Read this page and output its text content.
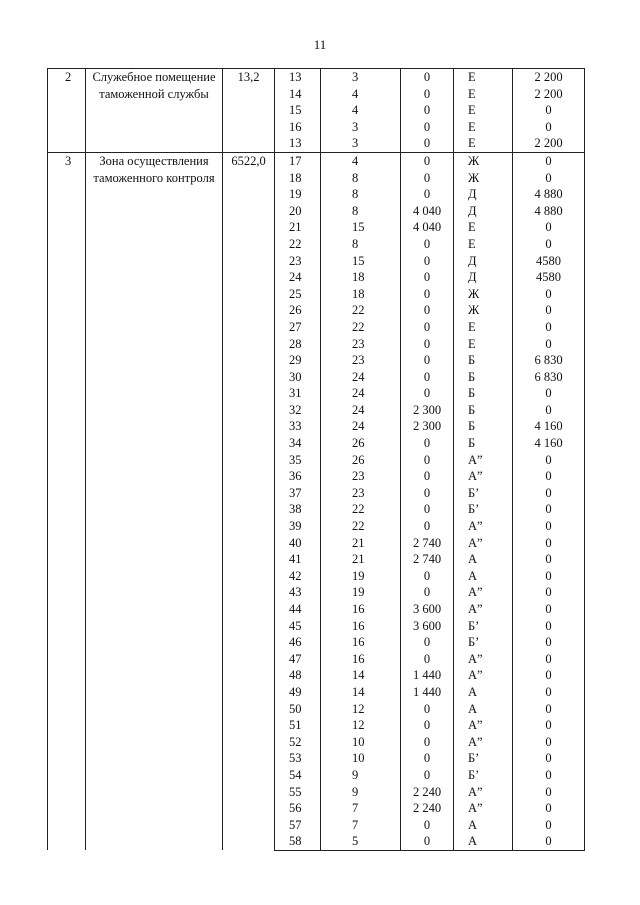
11
2	Служебное помещение таможенной службы	13,2	13	3	0	Е	2 200
			14	4	0	Е	2 200
			15	4	0	Е	0
			16	3	0	Е	0
			13	3	0	Е	2 200
3	Зона осуществления таможенного контроля	6522,0	17	4	0	Ж	0
			18	8	0	Ж	0
			19	8	0	Д	4 880
			20	8	4 040	Д	4 880
			21	15	4 040	Е	0
			22	8	0	Е	0
			23	15	0	Д	4580
			24	18	0	Д	4580
			25	18	0	Ж	0
			26	22	0	Ж	0
			27	22	0	Е	0
			28	23	0	Е	0
			29	23	0	Б	6 830
			30	24	0	Б	6 830
			31	24	0	Б	0
			32	24	2 300	Б	0
			33	24	2 300	Б	4 160
			34	26	0	Б	4 160
			35	26	0	А”	0
			36	23	0	А”	0
			37	23	0	Б’	0
			38	22	0	Б’	0
			39	22	0	А”	0
			40	21	2 740	А”	0
			41	21	2 740	А	0
			42	19	0	А	0
			43	19	0	А”	0
			44	16	3 600	А”	0
			45	16	3 600	Б’	0
			46	16	0	Б’	0
			47	16	0	А”	0
			48	14	1 440	А”	0
			49	14	1 440	А	0
			50	12	0	А	0
			51	12	0	А”	0
			52	10	0	А”	0
			53	10	0	Б’	0
			54	9	0	Б’	0
			55	9	2 240	А”	0
			56	7	2 240	А”	0
			57	7	0	А	0
			58	5	0	А	0
